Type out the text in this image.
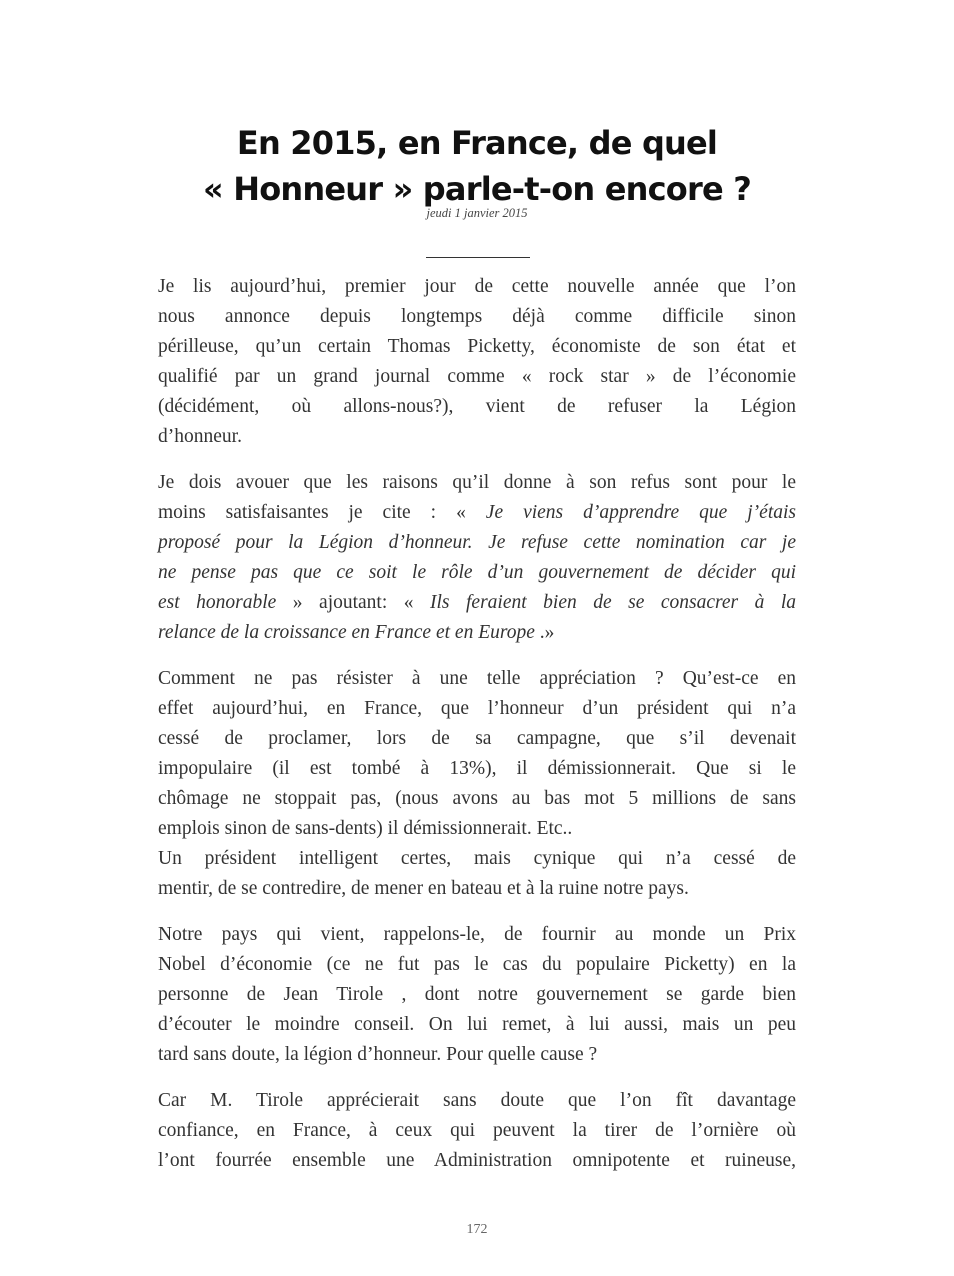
En 2015, en France, de quel
« Honneur » parle-t-on encore ?
jeudi 1 janvier 2015

Je lis aujourd’hui, premier jour de cette nouvelle année que l’on
nous annonce depuis longtemps déjà comme difficile sinon
périlleuse, qu’un certain Thomas Picketty, économiste de son état et
qualifié par un grand journal comme « rock star » de l’économie
(décidément, où allons-nous?), vient de refuser la Légion
d’honneur.

Je dois avouer que les raisons qu’il donne à son refus sont pour le
moins satisfaisantes je cite : « Je viens d’apprendre que j’étais
proposé pour la Légion d’honneur. Je refuse cette nomination car je
ne pense pas que ce soit le rôle d’un gouvernement de décider qui
est honorable » ajoutant: « Ils feraient bien de se consacrer à la
relance de la croissance en France et en Europe .»

Comment ne pas résister à une telle appréciation ? Qu’est-ce en
effet aujourd’hui, en France, que l’honneur d’un président qui n’a
cessé de proclamer, lors de sa campagne, que s’il devenait
impopulaire (il est tombé à 13%), il démissionnerait. Que si le
chômage ne stoppait pas, (nous avons au bas mot 5 millions de sans
emplois sinon de sans-dents) il démissionnerait. Etc..
Un président intelligent certes, mais cynique qui n’a cessé de
mentir, de se contredire, de mener en bateau et à la ruine notre pays.

Notre pays qui vient, rappelons-le, de fournir au monde un Prix
Nobel d’économie (ce ne fut pas le cas du populaire Picketty) en la
personne de Jean Tirole , dont notre gouvernement se garde bien
d’écouter le moindre conseil. On lui remet, à lui aussi, mais un peu
tard sans doute, la légion d’honneur. Pour quelle cause ?

Car M. Tirole apprécierait sans doute que l’on fît davantage
confiance, en France, à ceux qui peuvent la tirer de l’ornière où
l’ont fourrée ensemble une Administration omnipotente et ruineuse,

172
